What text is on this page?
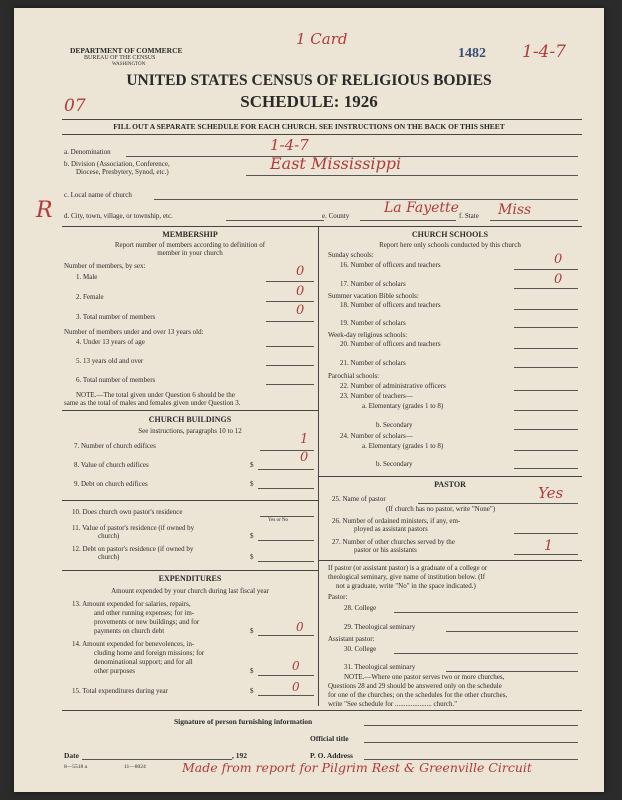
DEPARTMENT OF COMMERCE
BUREAU OF THE CENSUS
WASHINGTON
1 Card
1482 1-4-7
UNITED STATES CENSUS OF RELIGIOUS BODIES
SCHEDULE: 1926
07
FILL OUT A SEPARATE SCHEDULE FOR EACH CHURCH. SEE INSTRUCTIONS ON THE BACK OF THIS SHEET
a. Denomination	1-4-7
b. Division (Association, Conference,
Diocese, Presbytery, Synod, etc.)	East Mississippi
R
c. Local name of church
d. City, town, village, or township, etc.	e. County La Fayette f. State Miss
MEMBERSHIP
Report number of members according to definition of
member in your church
Number of members, by sex:
1. Male	0
2. Female	0
3. Total number of members	0
Number of members under and over 13 years old:
4. Under 13 years of age
5. 13 years old and over
6. Total number of members
NOTE.—The total given under Question 6 should be the
same as the total of males and females given under Question 3.
CHURCH BUILDINGS
See instructions, paragraphs 10 to 12
7. Number of church edifices	1
8. Value of church edifices	$	0
9. Debt on church edifices	$
10. Does church own pastor's residence
Yes or No
11. Value of pastor's residence (if owned by
church)	$
12. Debt on pastor's residence (if owned by
church)	$
EXPENDITURES
Amount expended by your church during last fiscal year
13. Amount expended for salaries, repairs,
and other running expenses; for im-
provements or new buildings; and for
payments on church debt	$	0
14. Amount expended for benevolences, in-
cluding home and foreign missions; for
denominational support; and for all
other purposes	$	0
15. Total expenditures during year	$	0
CHURCH SCHOOLS
Report here only schools conducted by this church
Sunday schools:
16. Number of officers and teachers	0
17. Number of scholars	0
Summer vacation Bible schools:
18. Number of officers and teachers
19. Number of scholars
Week-day religious schools:
20. Number of officers and teachers
21. Number of scholars
Parochial schools:
22. Number of administrative officers
23. Number of teachers—
a. Elementary (grades 1 to 8)
b. Secondary
24. Number of scholars—
a. Elementary (grades 1 to 8)
b. Secondary
PASTOR
25. Name of pastor	Yes
(If church has no pastor, write "None")
26. Number of ordained ministers, if any, em-
ployed as assistant pastors
27. Number of other churches served by the
pastor or his assistants	1
If pastor (or assistant pastor) is a graduate of a college or
theological seminary, give name of institution below. (If
not a graduate, write "No" in the space indicated.)
Pastor:
28. College
29. Theological seminary
Assistant pastor:
30. College
31. Theological seminary
NOTE.—Where one pastor serves two or more churches,
Questions 28 and 29 should be answered only on the schedule
for one of the churches; on the schedules for the other churches,
write "See schedule for ..................... church."
Signature of person furnishing information
Official title
Date	, 192	P. O. Address
8—5518 a	11—8024	Made from report for Pilgrim Rest & Greenville Circuit
